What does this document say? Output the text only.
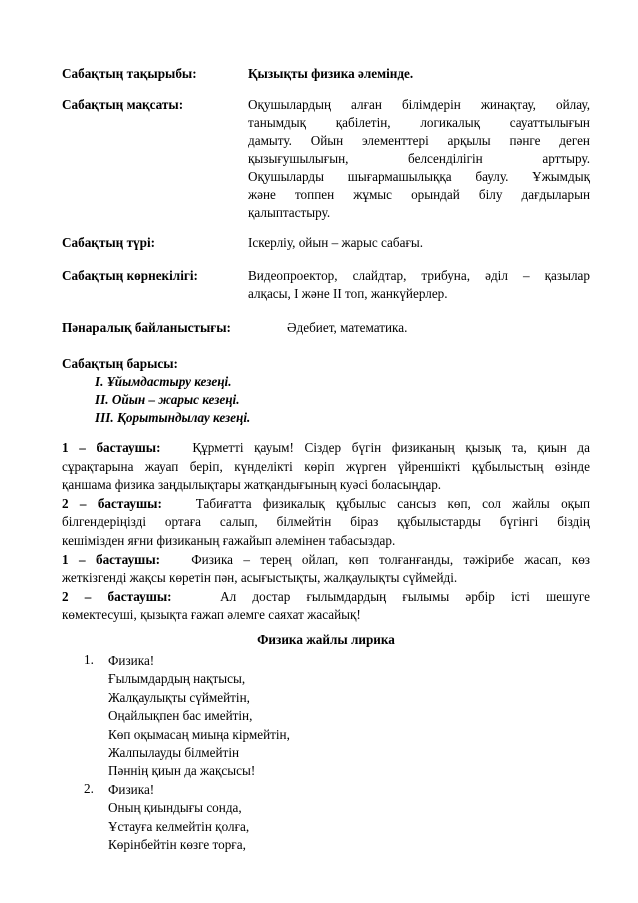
Сабақтың тақырыбы:	Қызықты физика әлемінде.
Сабақтың мақсаты:	Оқушылардың алған білімдерін жинақтау, ойлау,
танымдық қабілетін, логикалық сауаттылығын
дамыту. Ойын элементтері арқылы пәнге деген
қызығушылығын, белсенділігін арттыру.
Оқушыларды шығармашылыққа баулу. Ұжымдық
және топпен жұмыс орындай білу дағдыларын
қалыптастыру.
Сабақтың түрі:	Іскерліу, ойын – жарыс сабағы.
Сабақтың көрнекілігі:	Видеопроектор, слайдтар, трибуна, әділ – қазылар
алқасы, І және ІІ топ, жанкүйерлер.
Пәнаралық байланыстығы:	Әдебиет, математика.
Сабақтың барысы:
І. Ұйымдастыру кезеңі.
ІІ. Ойын – жарыс кезеңі.
ІІІ. Қорытындылау кезеңі.
1 – бастаушы: Құрметті қауым! Сіздер бүгін физиканың қызық та, қиын да
сұрақтарына жауап беріп, күнделікті көріп жүрген үйреншікті құбылыстың өзінде
қаншама физика заңдылықтары жатқандығының куәсі боласыңдар.
2 – бастаушы:	Табиғатта физикалық құбылыс сансыз көп, сол жайлы оқып
білгендеріңізді ортаға салып, білмейтін біраз құбылыстарды бүгінгі біздің
кешімізден яғни физиканың ғажайып әлемінен табасыздар.
1 – бастаушы: Физика – терең ойлап, көп толғанғанды, тәжірибе жасап, көз
жеткізгенді жақсы көретін пән, асығыстықты, жалқаулықты сүймейді.
2 – бастаушы:	Ал достар ғылымдардың ғылымы әрбір істі шешуге
көмектесуші, қызықта ғажап әлемге саяхат жасайық!
Физика жайлы лирика
1. Физика!
Ғылымдардың нақтысы,
Жалқаулықты сүймейтін,
Оңайлықпен бас имейтін,
Көп оқымасаң миыңа кірмейтін,
Жалпылауды білмейтін
Пәннің қиын да жақсысы!
2. Физика!
Оның қиындығы сонда,
Ұстауға келмейтін қолға,
Көрінбейтін көзге торға,
